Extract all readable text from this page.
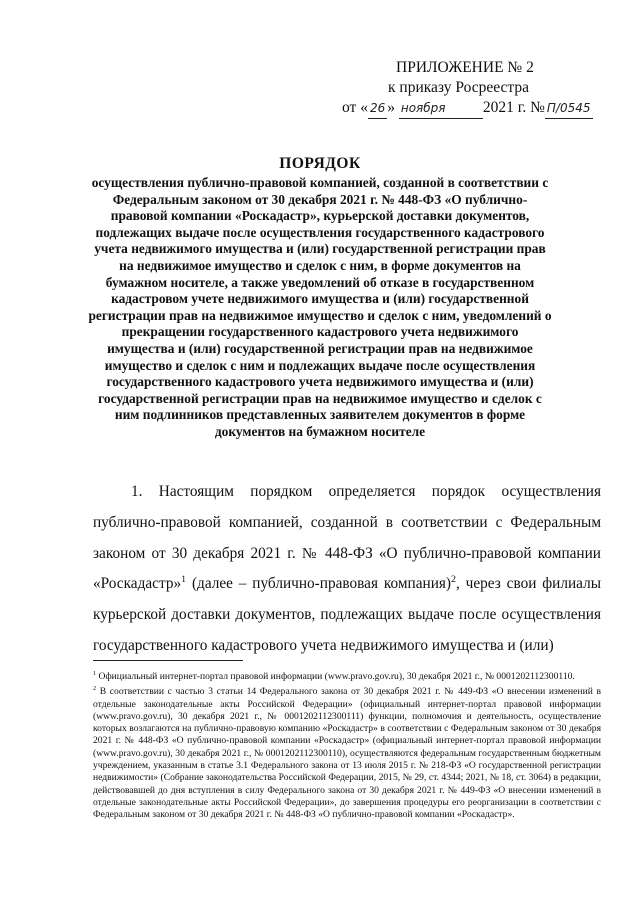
ПРИЛОЖЕНИЕ № 2
к приказу Росреестра
от « 26 » ноября 2021 г. № П/0545
ПОРЯДОК
осуществления публично-правовой компанией, созданной в соответствии с Федеральным законом от 30 декабря 2021 г. № 448-ФЗ «О публично-правовой компании «Роскадастр», курьерской доставки документов, подлежащих выдаче после осуществления государственного кадастрового учета недвижимого имущества и (или) государственной регистрации прав на недвижимое имущество и сделок с ним, в форме документов на бумажном носителе, а также уведомлений об отказе в государственном кадастровом учете недвижимого имущества и (или) государственной регистрации прав на недвижимое имущество и сделок с ним, уведомлений о прекращении государственного кадастрового учета недвижимого имущества и (или) государственной регистрации прав на недвижимое имущество и сделок с ним и подлежащих выдаче после осуществления государственного кадастрового учета недвижимого имущества и (или) государственной регистрации прав на недвижимое имущество и сделок с ним подлинников представленных заявителем документов в форме документов на бумажном носителе

1. Настоящим порядком определяется порядок осуществления публично-правовой компанией, созданной в соответствии с Федеральным законом от 30 декабря 2021 г. № 448-ФЗ «О публично-правовой компании «Роскадастр»$^1$ (далее – публично-правовая компания)$^2$, через свои филиалы курьерской доставки документов, подлежащих выдаче после осуществления государственного кадастрового учета недвижимого имущества и (или)

$^1$ Официальный интернет-портал правовой информации (www.pravo.gov.ru), 30 декабря 2021 г., № 0001202112300110.

$^2$ В соответствии с частью 3 статьи 14 Федерального закона от 30 декабря 2021 г. № 449-ФЗ «О внесении изменений в отдельные законодательные акты Российской Федерации» (официальный интернет-портал правовой информации (www.pravo.gov.ru), 30 декабря 2021 г., № 0001202112300111) функции, полномочия и деятельность, осуществление которых возлагаются на публично-правовую компанию «Роскадастр» в соответствии с Федеральным законом от 30 декабря 2021 г. № 448-ФЗ «О публично-правовой компании «Роскадастр» (официальный интернет-портал правовой информации (www.pravo.gov.ru), 30 декабря 2021 г., № 0001202112300110), осуществляются федеральным государственным бюджетным учреждением, указанным в статье 3.1 Федерального закона от 13 июля 2015 г. № 218-ФЗ «О государственной регистрации недвижимости» (Собрание законодательства Российской Федерации, 2015, № 29, ст. 4344; 2021, № 18, ст. 3064) в редакции, действовавшей до дня вступления в силу Федерального закона от 30 декабря 2021 г. № 449-ФЗ «О внесении изменений в отдельные законодательные акты Российской Федерации», до завершения процедуры его реорганизации в соответствии с Федеральным законом от 30 декабря 2021 г. № 448-ФЗ «О публично-правовой компании «Роскадастр».
